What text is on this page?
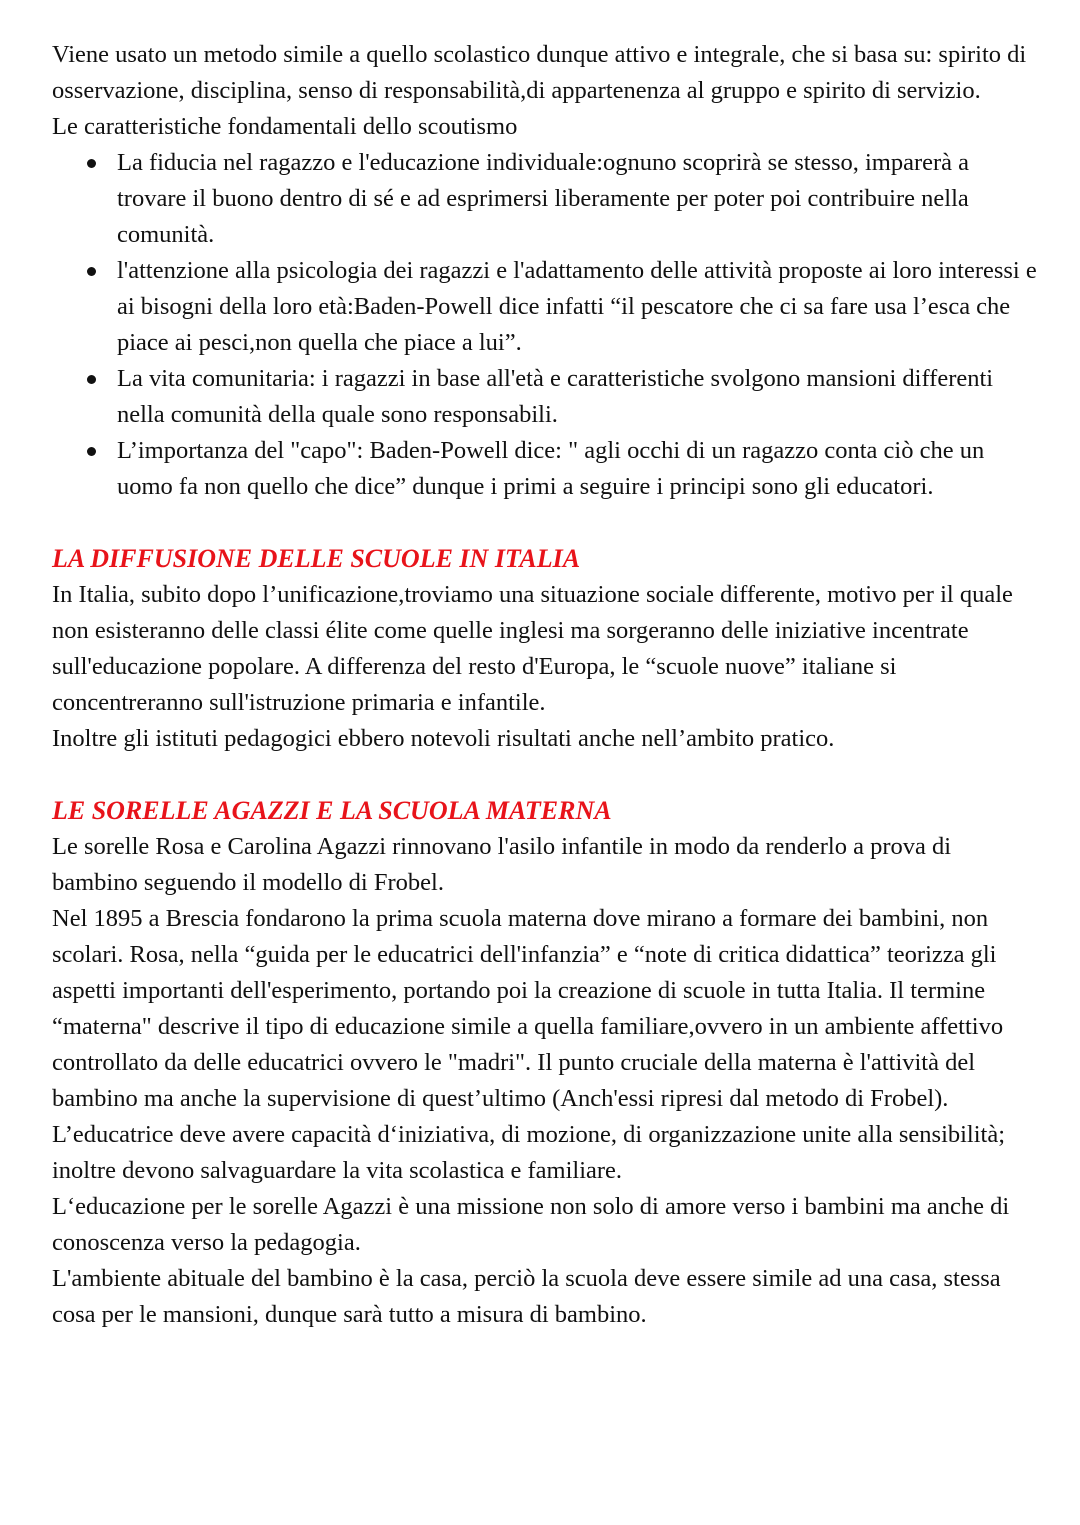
Viene usato un metodo simile a quello scolastico dunque attivo e integrale, che si basa su: spirito di osservazione, disciplina, senso di responsabilità,di appartenenza al gruppo e spirito di servizio.

Le caratteristiche fondamentali dello scoutismo

La fiducia nel ragazzo e l'educazione individuale:ognuno scoprirà se stesso, imparerà a trovare il buono dentro di sé e ad esprimersi liberamente per poter poi contribuire nella comunità.
l'attenzione alla psicologia dei ragazzi e l'adattamento delle attività proposte ai loro interessi e ai bisogni della loro età:Baden-Powell dice infatti “il pescatore che ci sa fare usa l’esca che piace ai pesci,non quella che piace a lui”.
La vita comunitaria: i ragazzi in base all'età e caratteristiche svolgono mansioni differenti nella comunità della quale sono responsabili.
L’importanza del "capo": Baden-Powell dice: " agli occhi di un ragazzo conta ciò che un uomo fa non quello che dice” dunque i primi a seguire i principi sono gli educatori.
LA DIFFUSIONE DELLE SCUOLE IN ITALIA

In Italia, subito dopo l’unificazione,troviamo una situazione sociale differente, motivo per il quale non esisteranno delle classi élite come quelle inglesi ma sorgeranno delle iniziative incentrate sull'educazione popolare. A differenza del resto d'Europa, le “scuole nuove” italiane si concentreranno sull'istruzione primaria e infantile.

Inoltre gli istituti pedagogici ebbero notevoli risultati anche nell’ambito pratico.

LE SORELLE AGAZZI E LA SCUOLA MATERNA

Le sorelle Rosa e Carolina Agazzi rinnovano l'asilo infantile in modo da renderlo a prova di bambino seguendo il modello di Frobel.

Nel 1895 a Brescia fondarono la prima scuola materna dove mirano a formare dei bambini, non scolari. Rosa, nella “guida per le educatrici dell'infanzia” e “note di critica didattica” teorizza gli aspetti importanti dell'esperimento, portando poi la creazione di scuole in tutta Italia. Il termine “materna" descrive il tipo di educazione simile a quella familiare,ovvero in un ambiente affettivo controllato da delle educatrici ovvero le "madri". Il punto cruciale della materna è l'attività del bambino ma anche la supervisione di quest’ultimo (Anch'essi ripresi dal metodo di Frobel).

L’educatrice deve avere capacità d‘iniziativa, di mozione, di organizzazione unite alla sensibilità; inoltre devono salvaguardare la vita scolastica e familiare.

L‘educazione per le sorelle Agazzi è una missione non solo di amore verso i bambini ma anche di conoscenza verso la pedagogia.

L'ambiente abituale del bambino è la casa, perciò la scuola deve essere simile ad una casa, stessa cosa per le mansioni, dunque sarà tutto a misura di bambino.
